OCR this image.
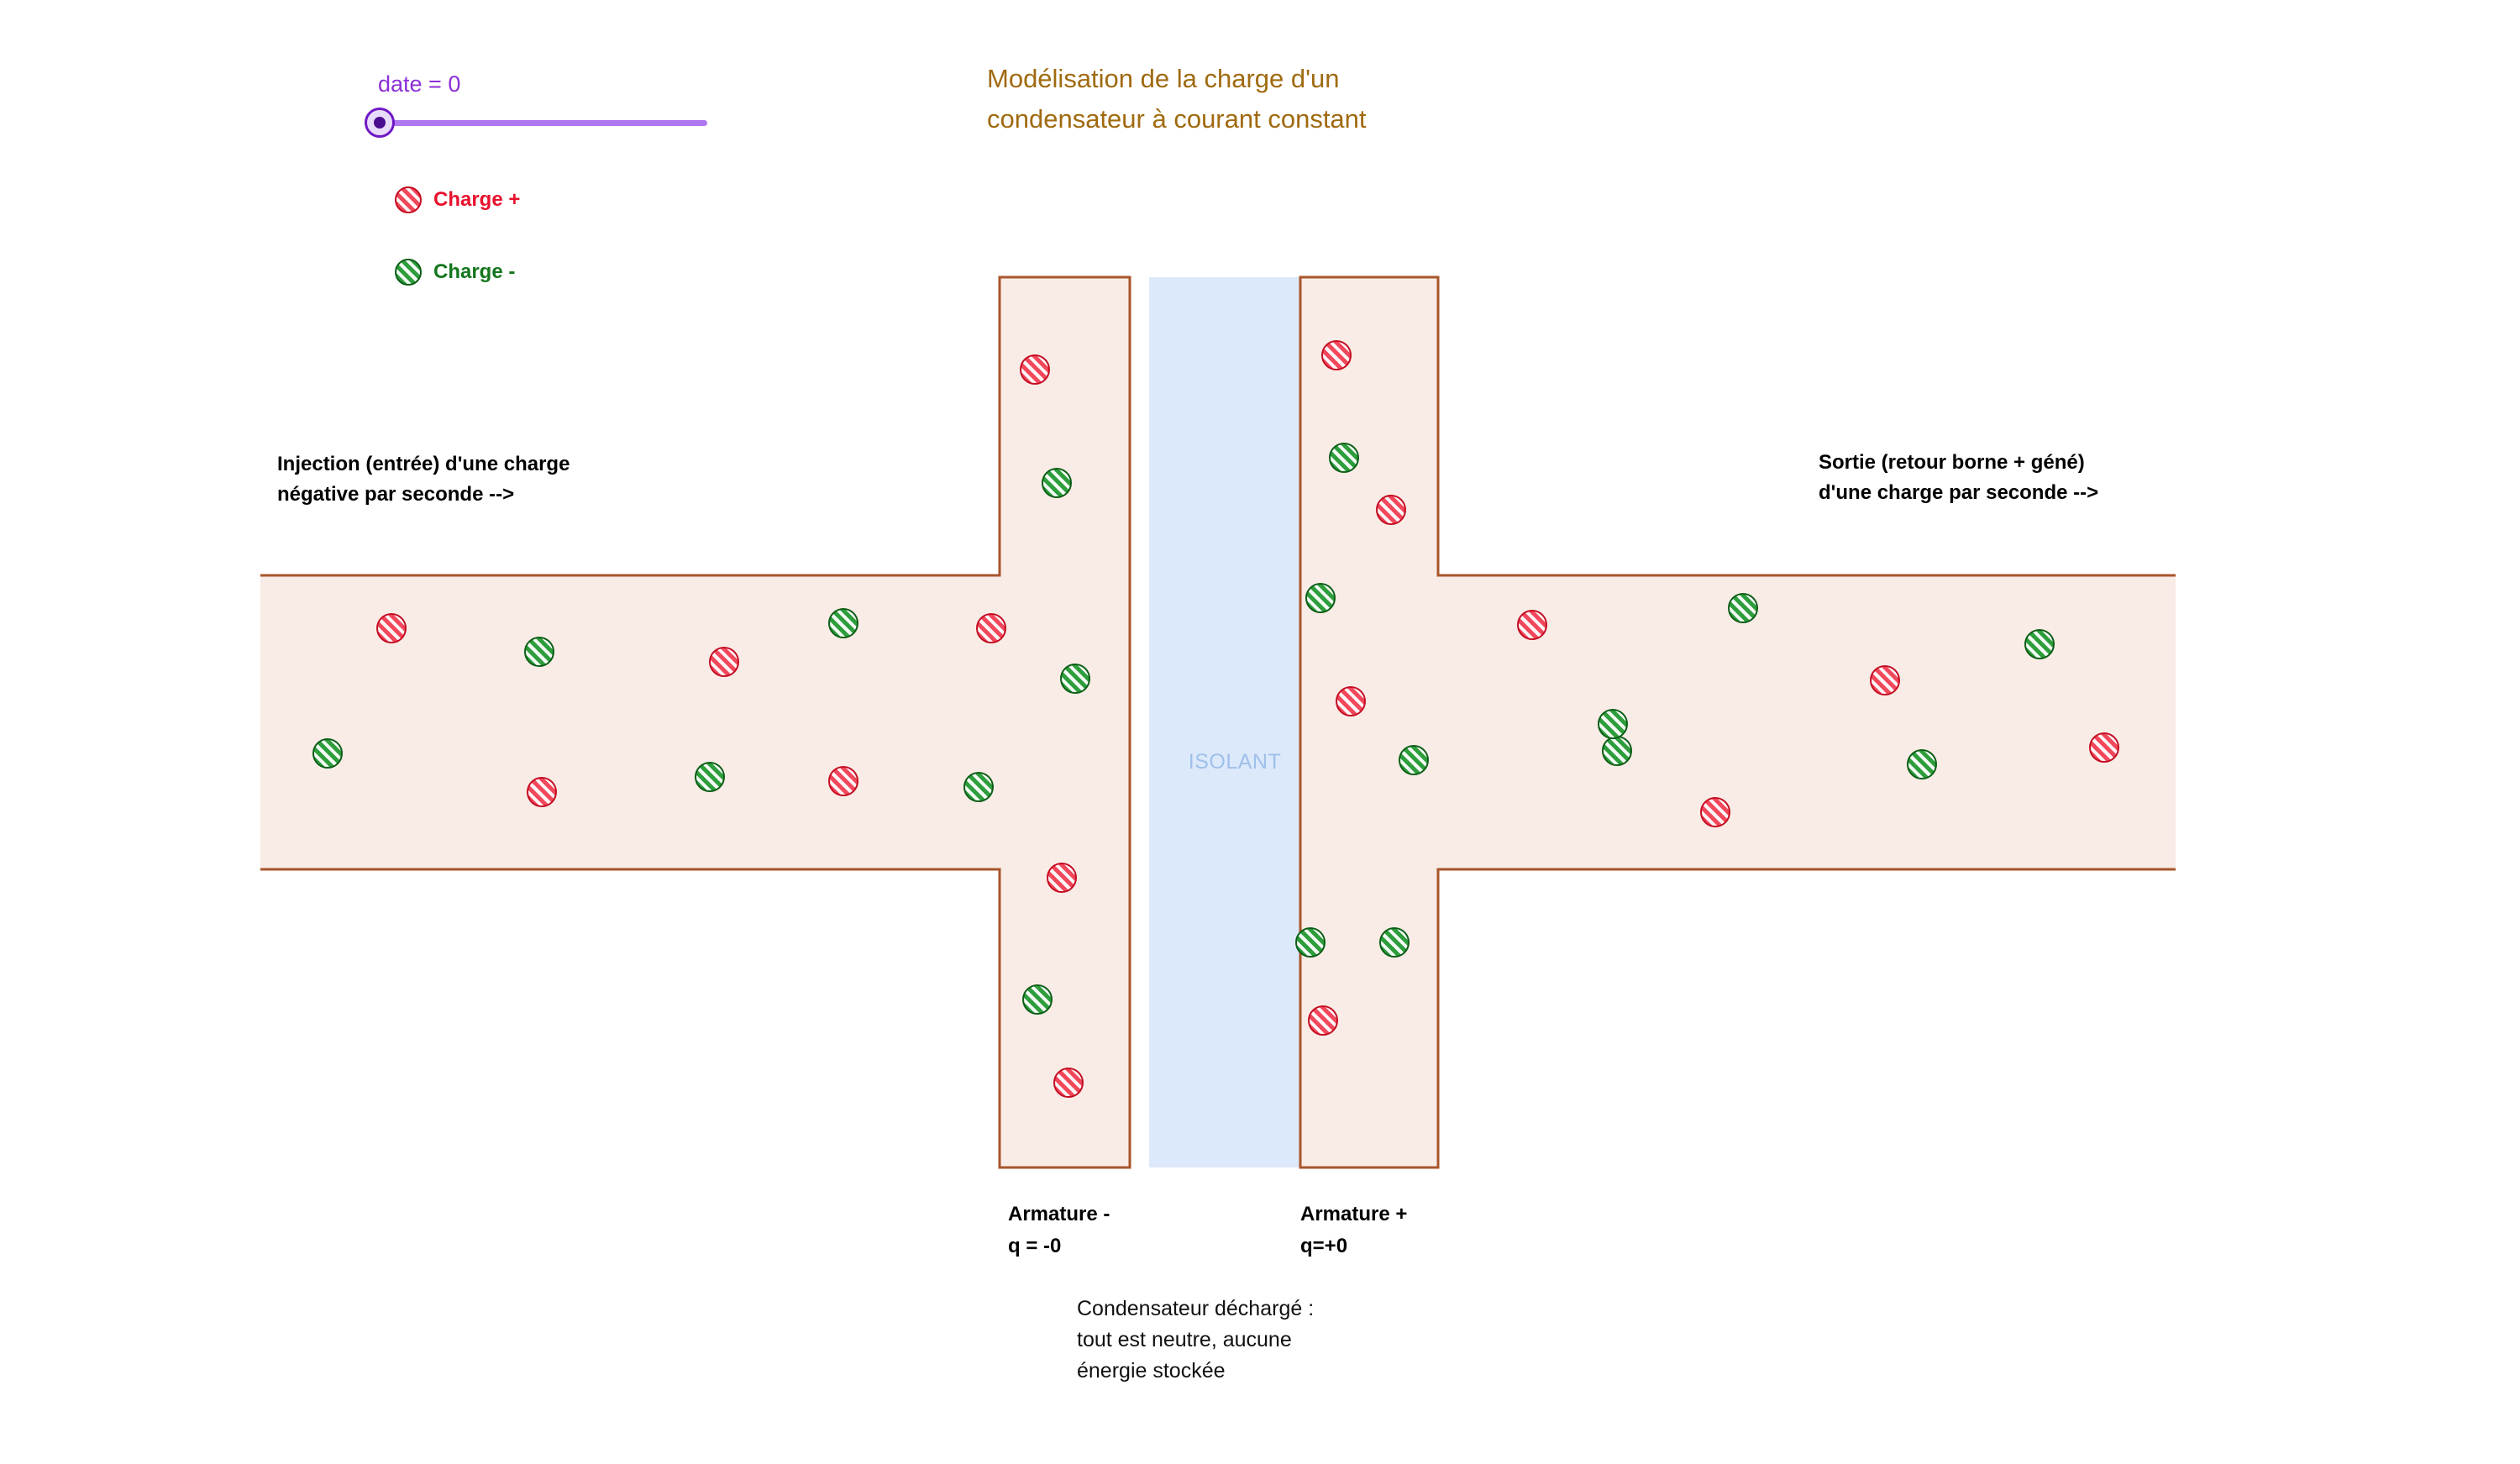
ISOLANT
date = 0
Charge +
Charge -
Modélisation de la charge d'un
condensateur à courant constant
Injection (entrée) d'une charge
négative par seconde -->
Sortie (retour borne + géné)
d'une charge par seconde -->
Armature -
q = -0
Armature +
q=+0
Condensateur déchargé :
tout est neutre, aucune
énergie stockée
